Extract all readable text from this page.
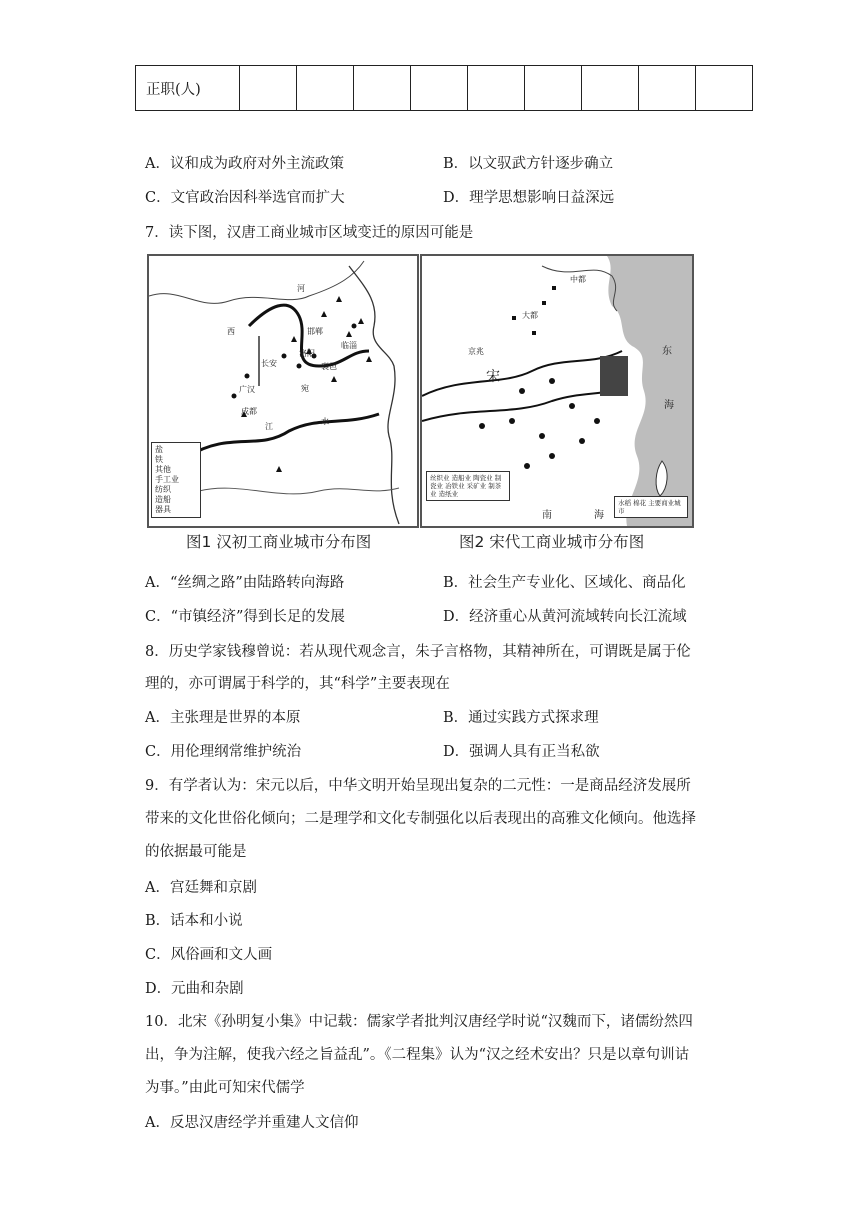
正职(人)									
A．议和成为政府对外主流政策	B．以文驭武方针逐步确立
C．文官政治因科举选官而扩大	D．理学思想影响日益深远
7．读下图，汉唐工商业城市区域变迁的原因可能是
西
河
邯郸
临淄
长安
洛阳
宛
襄邑
广汉
成都
江
水
盐
铁
其他
手工业
纺织
造船
器具
图1 汉初工商业城市分布图
中都
大都
京兆
宋
东
海
南	海
丝织业 造船业 陶瓷业 制瓷业 冶铁业 采矿业 制茶业 造纸业
水稻 棉花 主要商业城市
图2 宋代工商业城市分布图
A．“丝绸之路”由陆路转向海路	B．社会生产专业化、区域化、商品化
C．“市镇经济”得到长足的发展	D．经济重心从黄河流域转向长江流域
8．历史学家钱穆曾说：若从现代观念言，朱子言格物，其精神所在，可谓既是属于伦
理的，亦可谓属于科学的，其“科学”主要表现在
A．主张理是世界的本原	B．通过实践方式探求理
C．用伦理纲常维护统治	D．强调人具有正当私欲
9．有学者认为：宋元以后，中华文明开始呈现出复杂的二元性：一是商品经济发展所
带来的文化世俗化倾向；二是理学和文化专制强化以后表现出的高雅文化倾向。他选择
的依据最可能是
A．宫廷舞和京剧
B．话本和小说
C．风俗画和文人画
D．元曲和杂剧
10．北宋《孙明复小集》中记载：儒家学者批判汉唐经学时说“汉魏而下，诸儒纷然四
出，争为注解，使我六经之旨益乱”。《二程集》认为“汉之经术安出？只是以章句训诂
为事。”由此可知宋代儒学
A．反思汉唐经学并重建人文信仰
